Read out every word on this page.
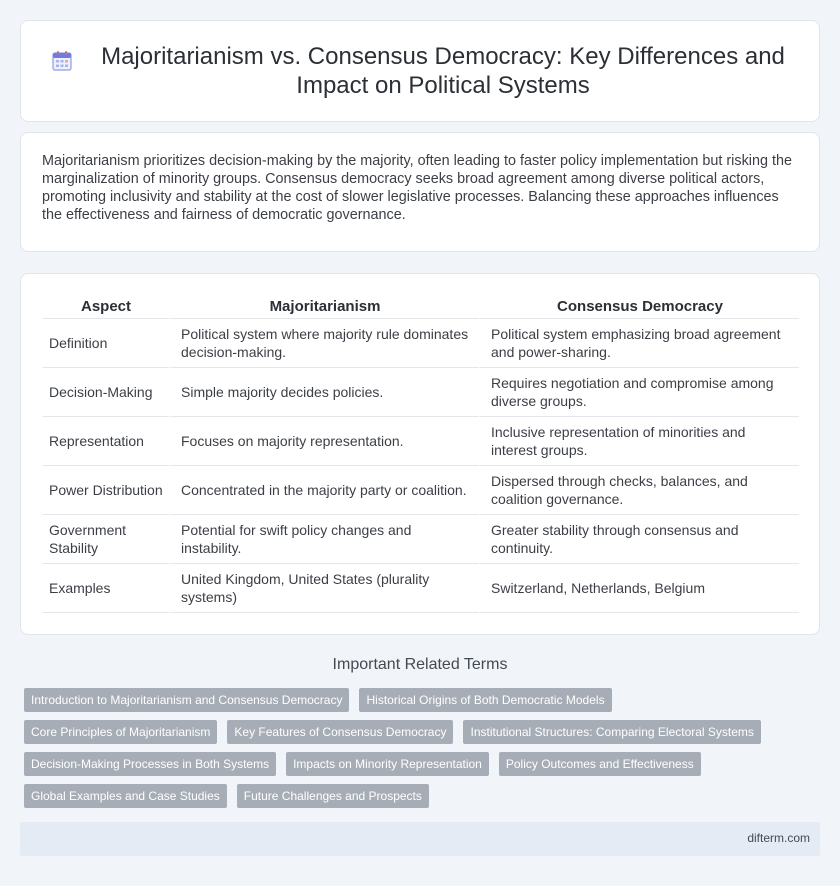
Majoritarianism vs. Consensus Democracy: Key Differences and Impact on Political Systems

Majoritarianism prioritizes decision-making by the majority, often leading to faster policy implementation but risking the marginalization of minority groups. Consensus democracy seeks broad agreement among diverse political actors, promoting inclusivity and stability at the cost of slower legislative processes. Balancing these approaches influences the effectiveness and fairness of democratic governance.

Aspect	Majoritarianism	Consensus Democracy
Definition	Political system where majority rule dominates decision-making.	Political system emphasizing broad agreement and power-sharing.
Decision-Making	Simple majority decides policies.	Requires negotiation and compromise among diverse groups.
Representation	Focuses on majority representation.	Inclusive representation of minorities and interest groups.
Power Distribution	Concentrated in the majority party or coalition.	Dispersed through checks, balances, and coalition governance.
Government Stability	Potential for swift policy changes and instability.	Greater stability through consensus and continuity.
Examples	United Kingdom, United States (plurality systems)	Switzerland, Netherlands, Belgium
Important Related Terms
Introduction to Majoritarianism and Consensus Democracy	Historical Origins of Both Democratic Models
Core Principles of Majoritarianism	Key Features of Consensus Democracy	Institutional Structures: Comparing Electoral Systems
Decision-Making Processes in Both Systems	Impacts on Minority Representation	Policy Outcomes and Effectiveness
Global Examples and Case Studies	Future Challenges and Prospects
difterm.com
